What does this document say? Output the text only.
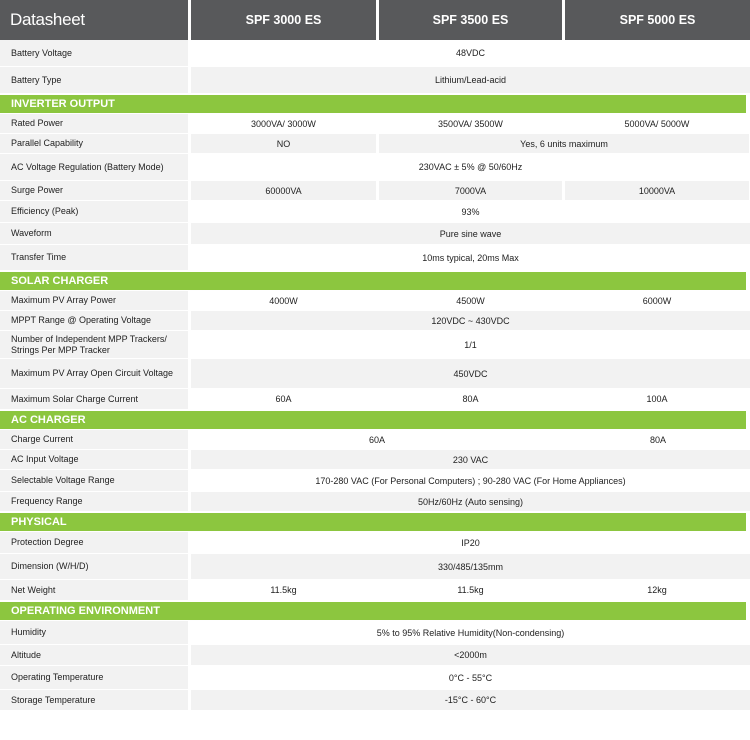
Datasheet	SPF 3000 ES	SPF 3500 ES	SPF 5000 ES
Battery Voltage	48VDC
Battery Type	Lithium/Lead-acid
INVERTER OUTPUT
Rated Power	3000VA/ 3000W	3500VA/ 3500W	5000VA/ 5000W
Parallel Capability	NO	Yes, 6 units maximum
AC Voltage Regulation (Battery Mode)	230VAC ± 5% @ 50/60Hz
Surge Power	60000VA	7000VA	10000VA
Efficiency (Peak)	93%
Waveform	Pure sine wave
Transfer Time	10ms typical, 20ms Max
SOLAR CHARGER
Maximum PV Array Power	4000W	4500W	6000W
MPPT Range @ Operating Voltage	120VDC ~ 430VDC
Number of Independent MPP Trackers/ Strings Per MPP Tracker	1/1
Maximum PV Array Open Circuit Voltage	450VDC
Maximum Solar Charge Current	60A	80A	100A
AC CHARGER
Charge Current	60A	80A
AC Input Voltage	230 VAC
Selectable Voltage Range	170-280 VAC (For Personal Computers) ; 90-280 VAC (For Home Appliances)
Frequency Range	50Hz/60Hz (Auto sensing)
PHYSICAL
Protection Degree	IP20
Dimension (W/H/D)	330/485/135mm
Net Weight	11.5kg	11.5kg	12kg
OPERATING ENVIRONMENT
Humidity	5% to 95% Relative Humidity(Non-condensing)
Altitude	<2000m
Operating Temperature	0°C - 55°C
Storage Temperature	-15°C - 60°C
